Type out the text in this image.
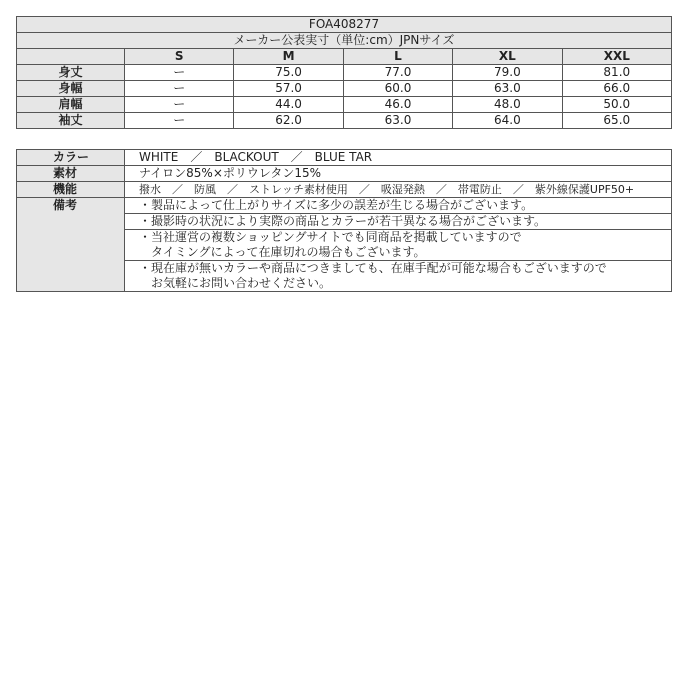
FOA408277					
メーカー公表実寸（単位:cm）JPNサイズ					
	S	M	L	XL	XXL
身丈	ー	75.0	77.0	79.0	81.0
身幅	ー	57.0	60.0	63.0	66.0
肩幅	ー	44.0	46.0	48.0	50.0
袖丈	ー	62.0	63.0	64.0	65.0
カラー	WHITE　／　BLACKOUT　／　BLUE TAR
素材	ナイロン85%×ポリウレタン15%
機能	撥水　／　防風　／　ストレッチ素材使用　／　吸湿発熱　／　帯電防止　／　紫外線保護UPF50+
備考	・製品によって仕上がりサイズに多少の誤差が生じる場合がございます。

	・撮影時の状況により実際の商品とカラーが若干異なる場合がございます。

	・当社運営の複数ショッピングサイトでも同商品を掲載していますので
　タイミングによって在庫切れの場合もございます。

	・現在庫が無いカラーや商品につきましても、在庫手配が可能な場合もございますので
　お気軽にお問い合わせください。
